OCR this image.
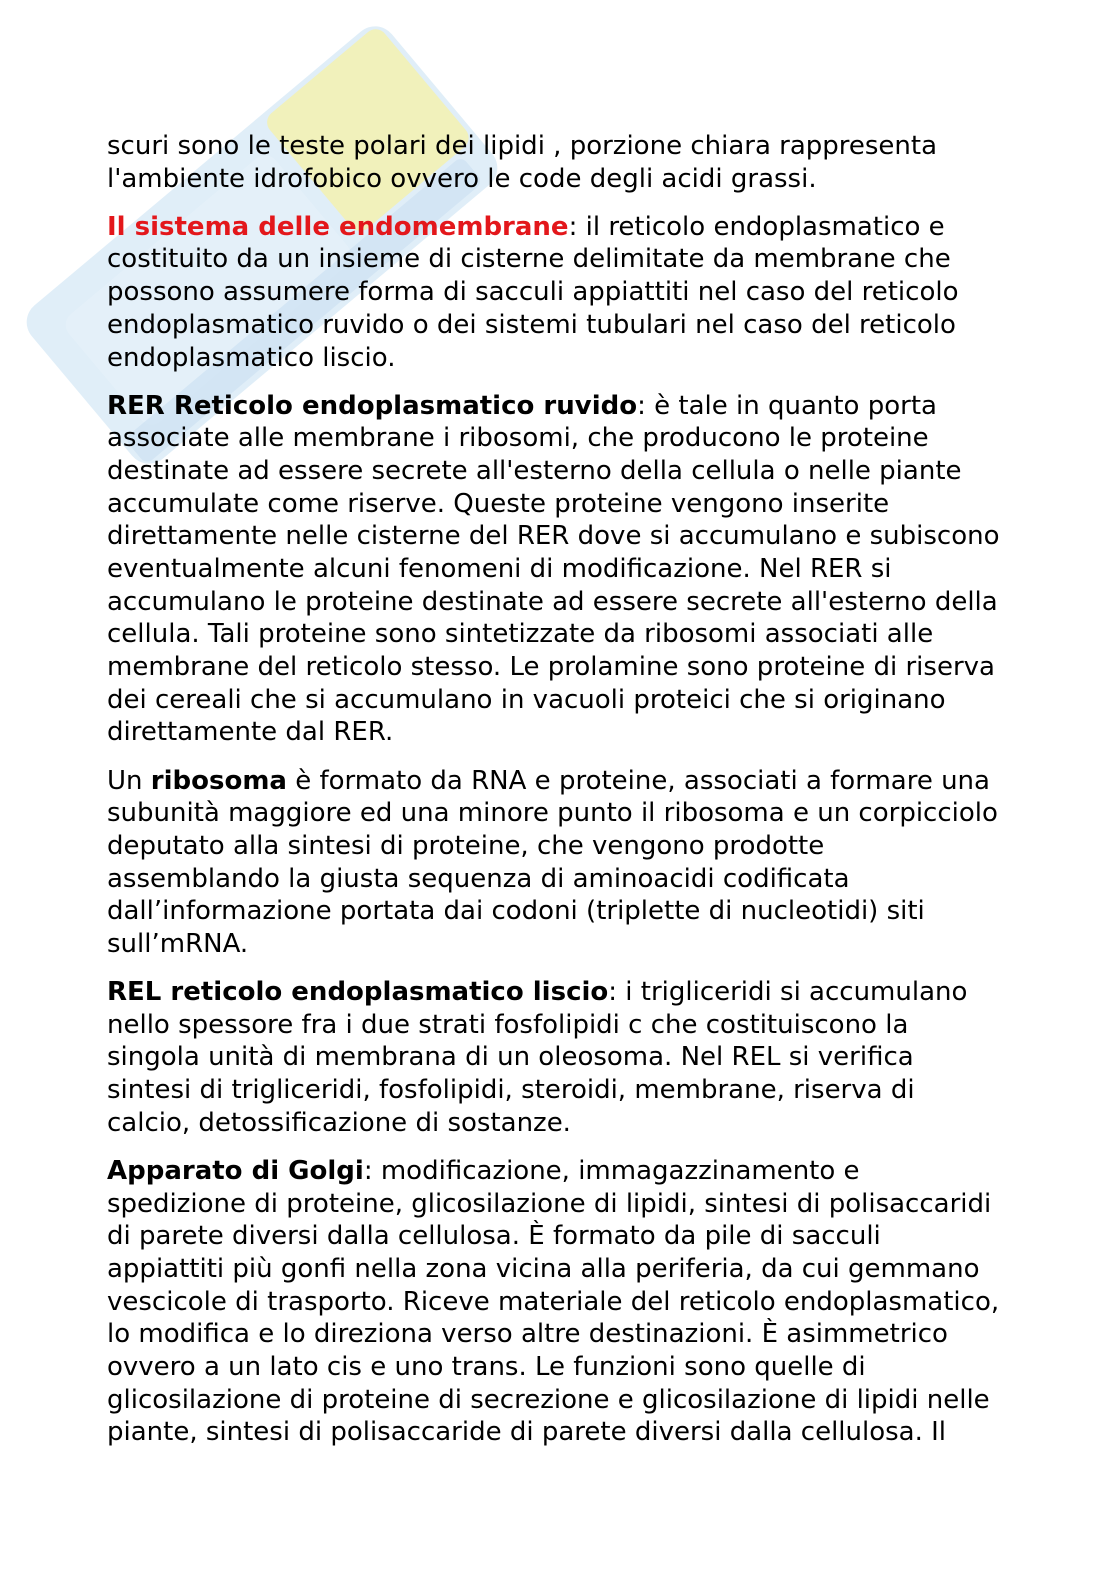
scuri sono le teste polari dei lipidi , porzione chiara rappresenta
l'ambiente idrofobico ovvero le code degli acidi grassi.
Il sistema delle endomembrane: il reticolo endoplasmatico e
costituito da un insieme di cisterne delimitate da membrane che
possono assumere forma di sacculi appiattiti nel caso del reticolo
endoplasmatico ruvido o dei sistemi tubulari nel caso del reticolo
endoplasmatico liscio.
RER Reticolo endoplasmatico ruvido: è tale in quanto porta
associate alle membrane i ribosomi, che producono le proteine
destinate ad essere secrete all'esterno della cellula o nelle piante
accumulate come riserve. Queste proteine vengono inserite
direttamente nelle cisterne del RER dove si accumulano e subiscono
eventualmente alcuni fenomeni di modificazione. Nel RER si
accumulano le proteine destinate ad essere secrete all'esterno della
cellula. Tali proteine sono sintetizzate da ribosomi associati alle
membrane del reticolo stesso. Le prolamine sono proteine di riserva
dei cereali che si accumulano in vacuoli proteici che si originano
direttamente dal RER.
Un ribosoma è formato da RNA e proteine, associati a formare una
subunità maggiore ed una minore punto il ribosoma e un corpicciolo
deputato alla sintesi di proteine, che vengono prodotte
assemblando la giusta sequenza di aminoacidi codificata
dall’informazione portata dai codoni (triplette di nucleotidi) siti
sull’mRNA.
REL reticolo endoplasmatico liscio: i trigliceridi si accumulano
nello spessore fra i due strati fosfolipidi c che costituiscono la
singola unità di membrana di un oleosoma. Nel REL si verifica
sintesi di trigliceridi, fosfolipidi, steroidi, membrane, riserva di
calcio, detossificazione di sostanze.
Apparato di Golgi: modificazione, immagazzinamento e
spedizione di proteine, glicosilazione di lipidi, sintesi di polisaccaridi
di parete diversi dalla cellulosa. È formato da pile di sacculi
appiattiti più gonfi nella zona vicina alla periferia, da cui gemmano
vescicole di trasporto. Riceve materiale del reticolo endoplasmatico,
lo modifica e lo direziona verso altre destinazioni. È asimmetrico
ovvero a un lato cis e uno trans. Le funzioni sono quelle di
glicosilazione di proteine di secrezione e glicosilazione di lipidi nelle
piante, sintesi di polisaccaride di parete diversi dalla cellulosa. Il
